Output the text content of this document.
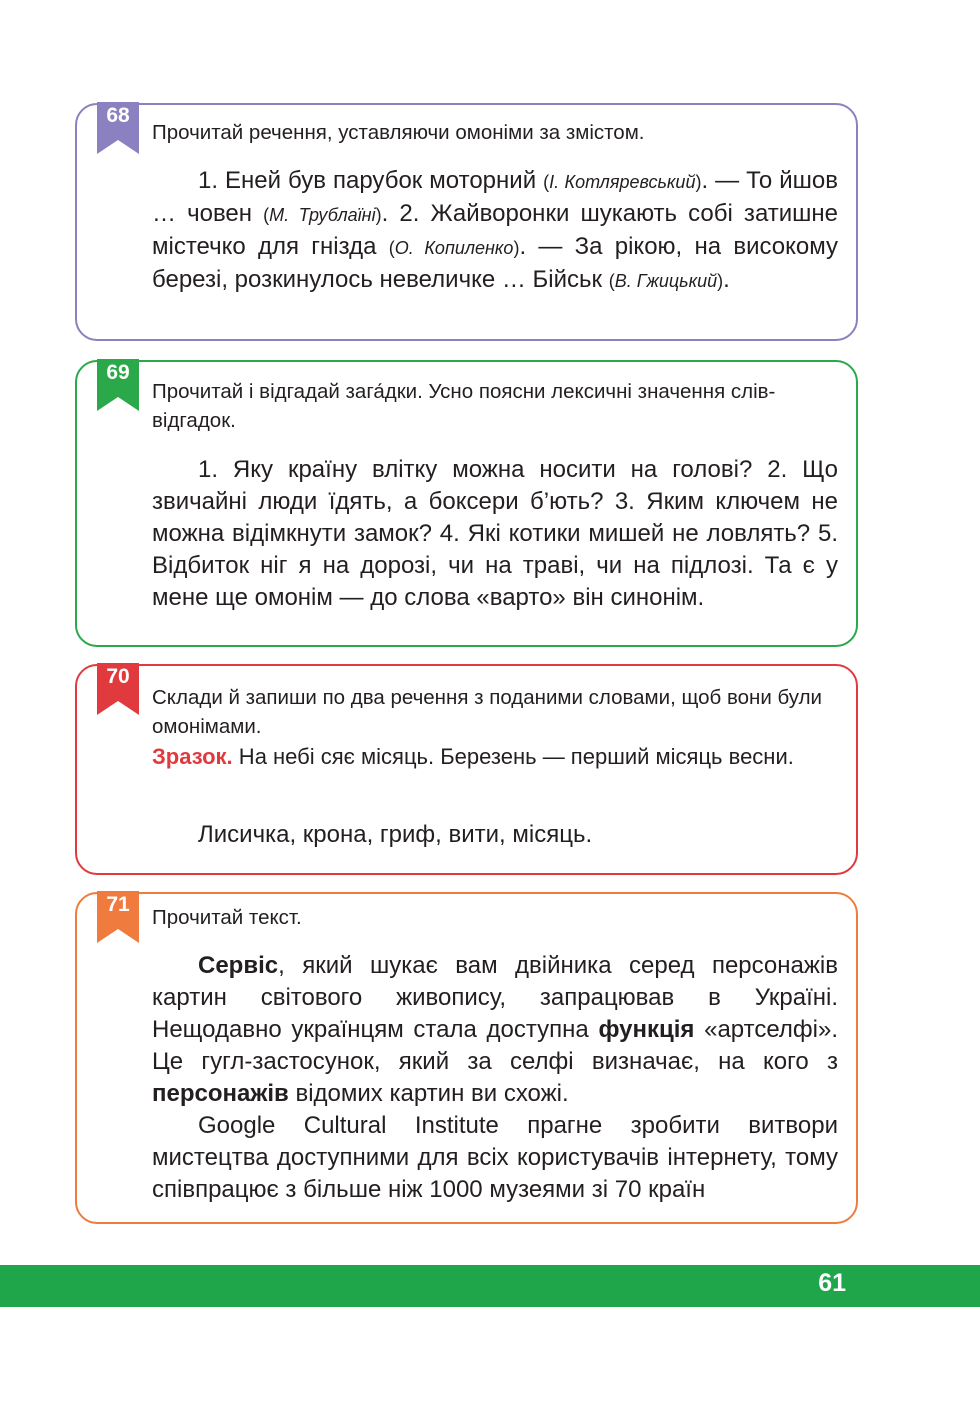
68
Прочитай речення, уставляючи омоніми за змістом.

1. Еней був парубок моторний (І. Котляревський). — То йшов … човен (М. Трублаїні). 2. Жайворонки шукають собі затишне містечко для гнізда (О. Копиленко). — За рікою, на високому березі, розкинулось невеличке … Бійськ (В. Гжицький).

69
Прочитай і відгадай зага́дки. Усно поясни лексичні значення слів-відгадок.

1. Яку країну влітку можна носити на голові? 2. Що звичайні люди їдять, а боксери б’ють? 3. Яким ключем не можна відімкнути замок? 4. Які котики мишей не ловлять? 5. Відбиток ніг я на дорозі, чи на траві, чи на підлозі. Та є у мене ще омонім — до слова «варто» він синонім.

70
Склади й запиши по два речення з поданими словами, щоб вони були омонімами.
Зразок. На небі сяє місяць. Березень — перший місяць весни.

Лисичка, крона, гриф, вити, місяць.

71
Прочитай текст.

Сервіс, який шукає вам двійника серед персонажів картин світового живопису, запрацював в Україні. Нещодавно українцям стала доступна функція «артселфі». Це гугл-застосунок, який за селфі визначає, на кого з персонажів відомих картин ви схожі.

Google Cultural Institute прагне зробити витвори мистецтва доступними для всіх користувачів інтернету, тому співпрацює з більше ніж 1000 музеями зі 70 країн

61
